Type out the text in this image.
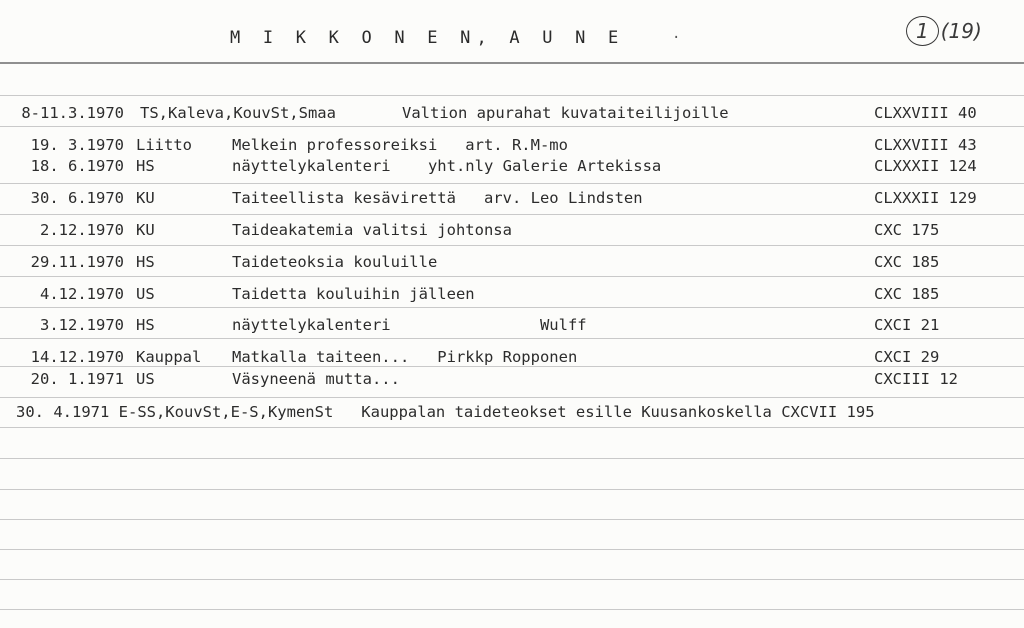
M I K K O N E N, A U N E	·	1 (19)
8-11.3.1970 TS,Kaleva,KouvSt,Smaa	Valtion apurahat kuvataiteilijoille	CLXXVIII 40
19. 3.1970 Liitto	Melkein professoreiksi   art. R.M-mo	CLXXVIII 43
18. 6.1970 HS	näyttelykalenteri    yht.nly Galerie Artekissa	CLXXXII 124
30. 6.1970 KU	Taiteellista kesävirettä   arv. Leo Lindsten	CLXXXII 129
2.12.1970 KU	Taideakatemia valitsi johtonsa	CXC 175
29.11.1970 HS	Taideteoksia kouluille	CXC 185
4.12.1970 US	Taidetta kouluihin jälleen	CXC 185
3.12.1970 HS	näyttelykalenteri                Wulff	CXCI 21
14.12.1970 Kauppal Matkalla taiteen...   Pirkkp Ropponen	CXCI 29
20. 1.1971 US	Väsyneenä mutta...	CXCIII 12
30. 4.1971 E-SS,KouvSt,E-S,KymenSt   Kauppalan taideteokset esille Kuusankoskella CXCVII 195
